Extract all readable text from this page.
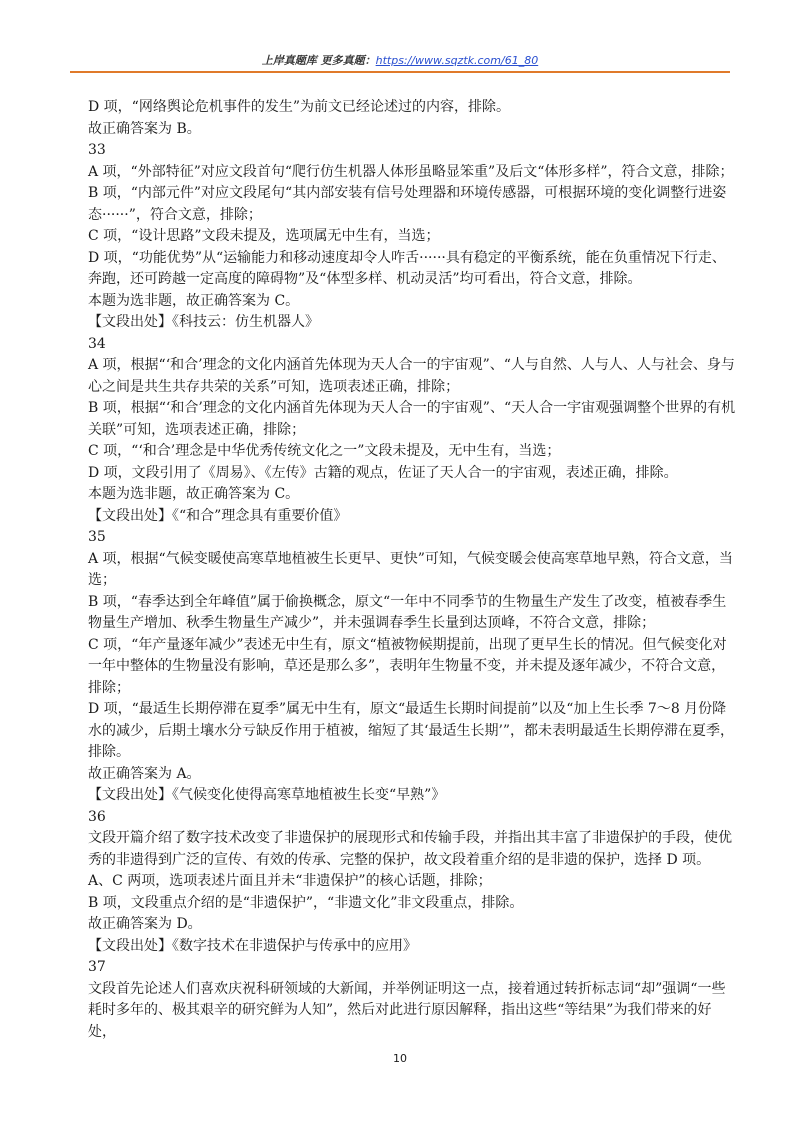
上岸真题库 更多真题：https://www.sqztk.com/61_80

D 项，“网络舆论危机事件的发生”为前文已经论述过的内容，排除。

故正确答案为 B。

33

A 项，“外部特征”对应文段首句“爬行仿生机器人体形虽略显笨重”及后文“体形多样”，符合文意，排除；

B 项，“内部元件”对应文段尾句“其内部安装有信号处理器和环境传感器，可根据环境的变化调整行进姿态······”，符合文意，排除；

C 项，“设计思路”文段未提及，选项属无中生有，当选；

D 项，“功能优势”从“运输能力和移动速度却令人咋舌······具有稳定的平衡系统，能在负重情况下行走、奔跑，还可跨越一定高度的障碍物”及“体型多样、机动灵活”均可看出，符合文意，排除。

本题为选非题，故正确答案为 C。

【文段出处】《科技云：仿生机器人》

34

A 项，根据“‘和合’理念的文化内涵首先体现为天人合一的宇宙观”、“人与自然、人与人、人与社会、身与心之间是共生共存共荣的关系”可知，选项表述正确，排除；

B 项，根据“‘和合’理念的文化内涵首先体现为天人合一的宇宙观”、“天人合一宇宙观强调整个世界的有机关联”可知，选项表述正确，排除；

C 项，“‘和合’理念是中华优秀传统文化之一”文段未提及，无中生有，当选；

D 项，文段引用了《周易》、《左传》古籍的观点，佐证了天人合一的宇宙观，表述正确，排除。

本题为选非题，故正确答案为 C。

【文段出处】《“和合”理念具有重要价值》

35

A 项，根据“气候变暖使高寒草地植被生长更早、更快”可知，气候变暖会使高寒草地早熟，符合文意，当选；

B 项，“春季达到全年峰值”属于偷换概念，原文“一年中不同季节的生物量生产发生了改变，植被春季生物量生产增加、秋季生物量生产减少”，并未强调春季生长量到达顶峰，不符合文意，排除；

C 项，“年产量逐年减少”表述无中生有，原文“植被物候期提前，出现了更早生长的情况。但气候变化对一年中整体的生物量没有影响，草还是那么多”，表明年生物量不变，并未提及逐年减少，不符合文意，排除；

D 项，“最适生长期停滞在夏季”属无中生有，原文“最适生长期时间提前”以及“加上生长季 7～8 月份降水的减少，后期土壤水分亏缺反作用于植被，缩短了其‘最适生长期’”，都未表明最适生长期停滞在夏季，排除。

故正确答案为 A。

【文段出处】《气候变化使得高寒草地植被生长变“早熟”》

36

文段开篇介绍了数字技术改变了非遗保护的展现形式和传输手段，并指出其丰富了非遗保护的手段，使优秀的非遗得到广泛的宣传、有效的传承、完整的保护，故文段着重介绍的是非遗的保护，选择 D 项。

A、C 两项，选项表述片面且并未“非遗保护”的核心话题，排除；

B 项，文段重点介绍的是“非遗保护”，“非遗文化”非文段重点，排除。

故正确答案为 D。

【文段出处】《数字技术在非遗保护与传承中的应用》

37

文段首先论述人们喜欢庆祝科研领域的大新闻，并举例证明这一点，接着通过转折标志词“却”强调“一些耗时多年的、极其艰辛的研究鲜为人知”，然后对此进行原因解释，指出这些“等结果”为我们带来的好处，

10
